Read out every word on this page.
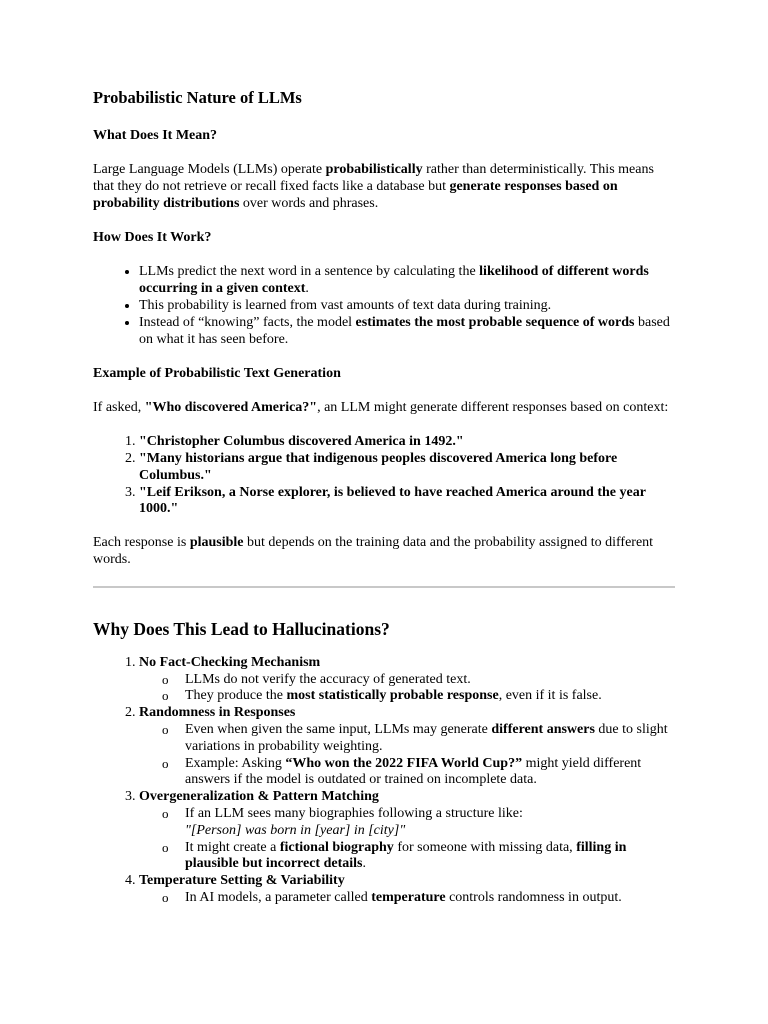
Probabilistic Nature of LLMs
What Does It Mean?

Large Language Models (LLMs) operate probabilistically rather than deterministically. This means that they do not retrieve or recall fixed facts like a database but generate responses based on probability distributions over words and phrases.

How Does It Work?
• LLMs predict the next word in a sentence by calculating the likelihood of different words occurring in a given context.
• This probability is learned from vast amounts of text data during training.
• Instead of “knowing” facts, the model estimates the most probable sequence of words based on what it has seen before.
Example of Probabilistic Text Generation

If asked, "Who discovered America?", an LLM might generate different responses based on context:

1. "Christopher Columbus discovered America in 1492."
2. "Many historians argue that indigenous peoples discovered America long before Columbus."
3. "Leif Erikson, a Norse explorer, is believed to have reached America around the year 1000."

Each response is plausible but depends on the training data and the probability assigned to different words.

Why Does This Lead to Hallucinations?
1. No Fact-Checking Mechanism
o LLMs do not verify the accuracy of generated text.
o They produce the most statistically probable response, even if it is false.
2. Randomness in Responses
o Even when given the same input, LLMs may generate different answers due to slight variations in probability weighting.
o Example: Asking “Who won the 2022 FIFA World Cup?” might yield different answers if the model is outdated or trained on incomplete data.
3. Overgeneralization & Pattern Matching
o If an LLM sees many biographies following a structure like:
"[Person] was born in [year] in [city]"
o It might create a fictional biography for someone with missing data, filling in plausible but incorrect details.
4. Temperature Setting & Variability
o In AI models, a parameter called temperature controls randomness in output.
